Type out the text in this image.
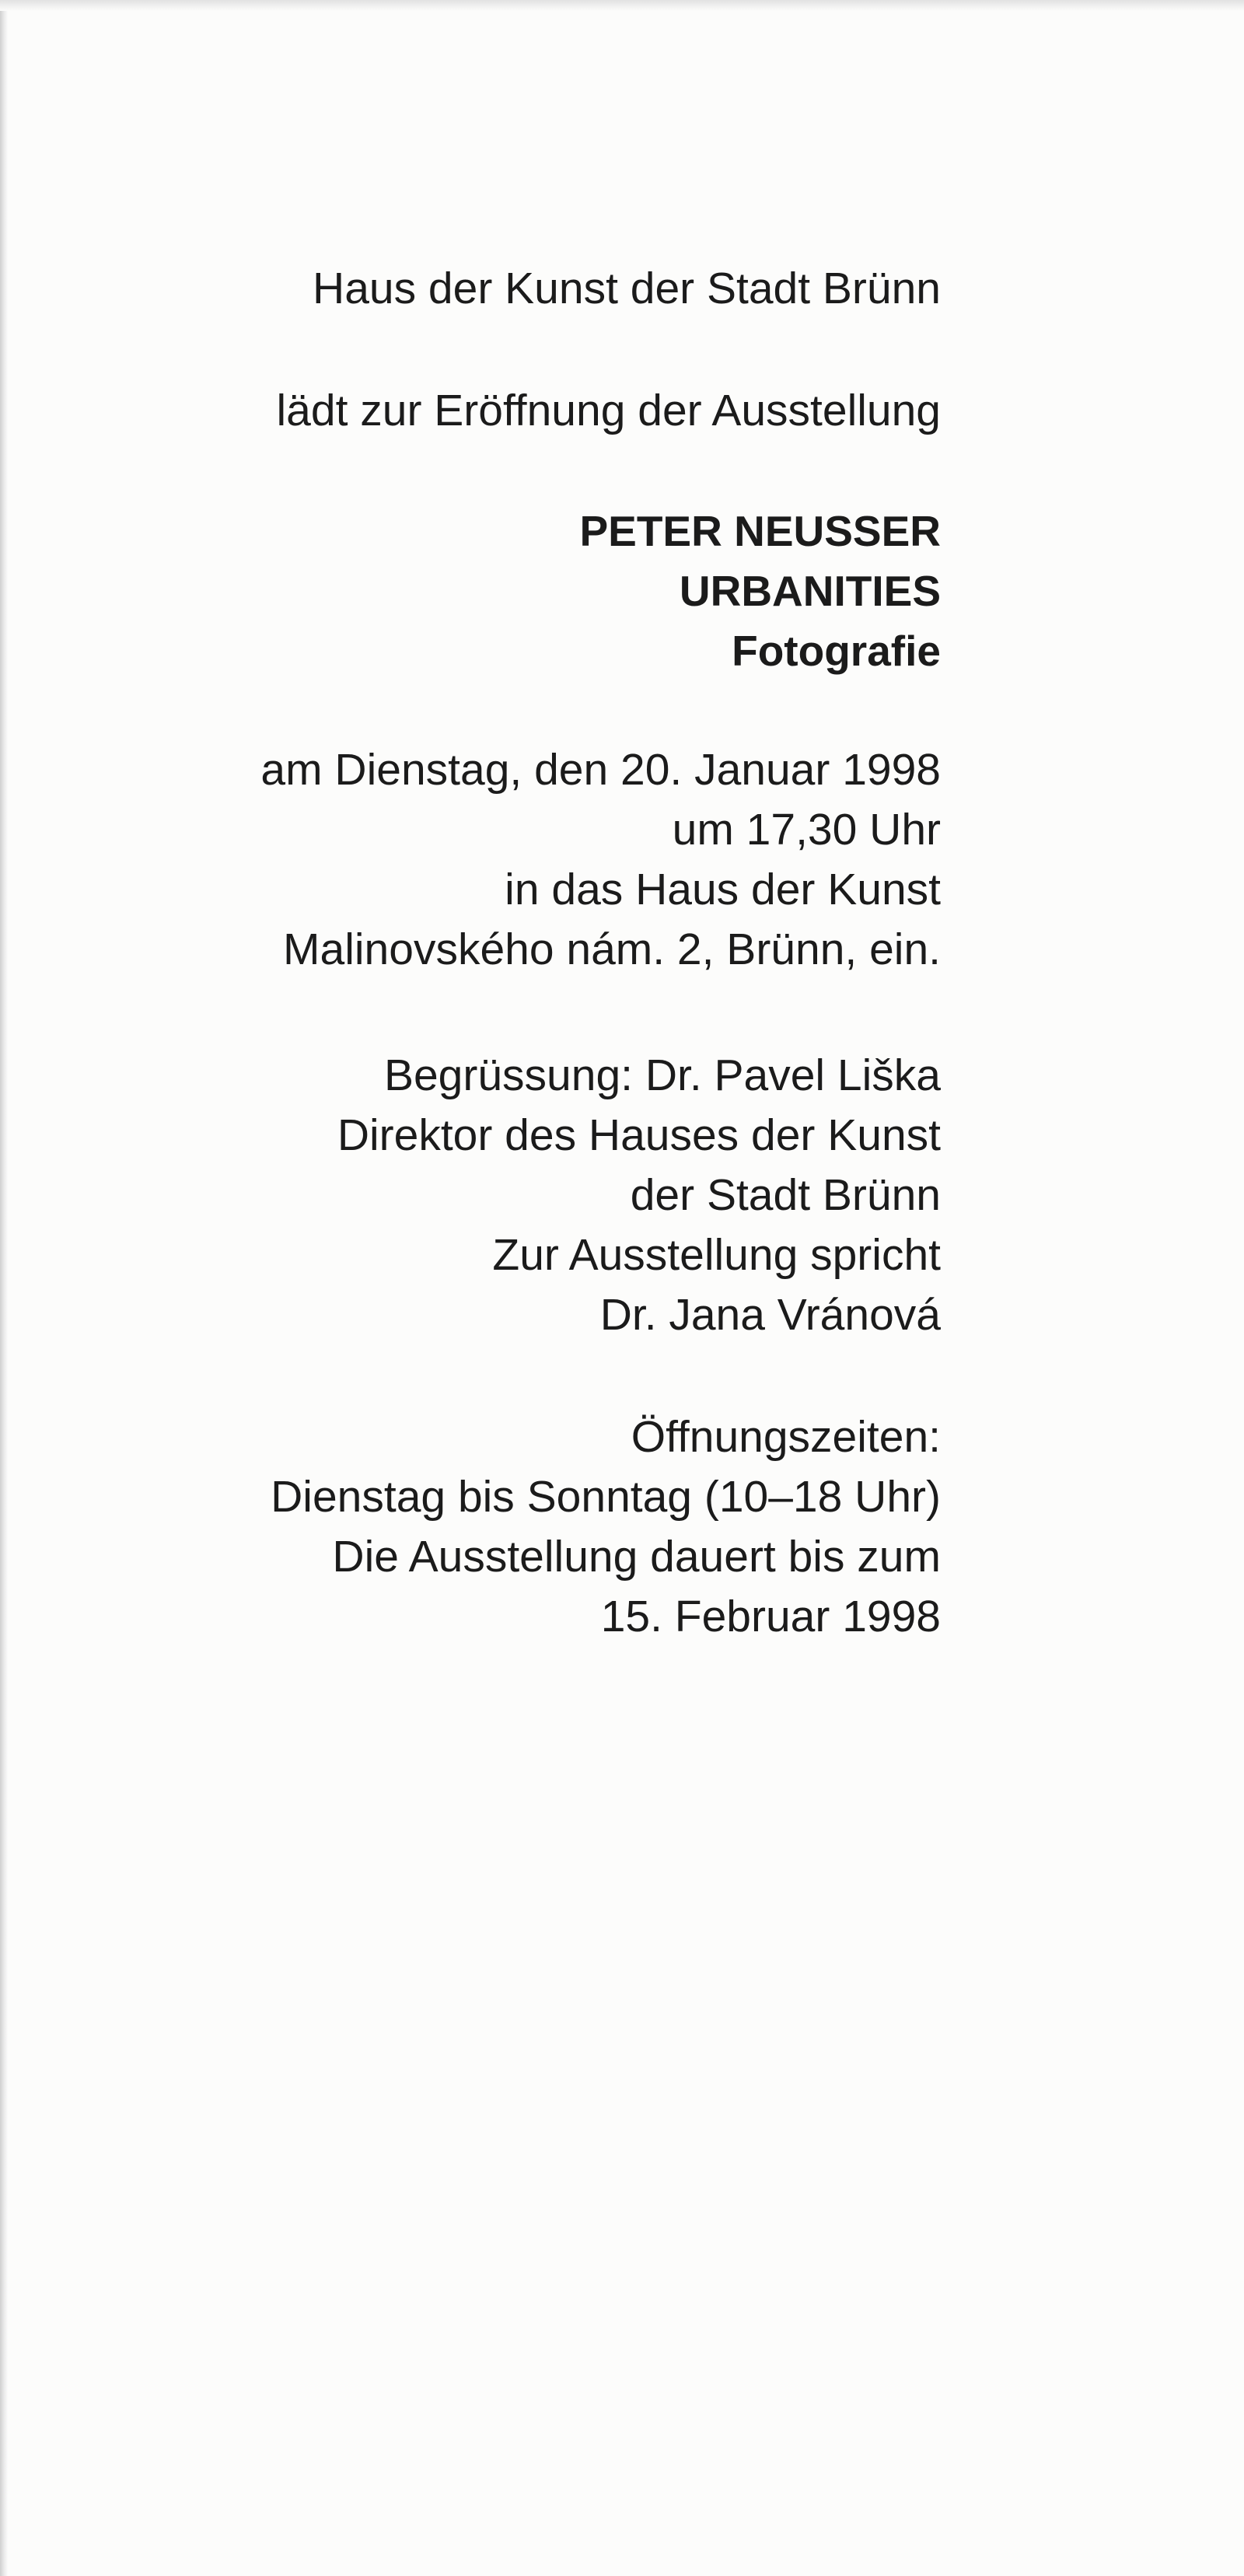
Haus der Kunst der Stadt Brünn
lädt zur Eröffnung der Ausstellung
PETER NEUSSER
URBANITIES
Fotografie
am Dienstag, den 20. Januar 1998
um 17,30 Uhr
in das Haus der Kunst
Malinovského nám. 2, Brünn, ein.
Begrüssung: Dr. Pavel Liška
Direktor des Hauses der Kunst
der Stadt Brünn
Zur Ausstellung spricht
Dr. Jana Vránová
Öffnungszeiten:
Dienstag bis Sonntag (10–18 Uhr)
Die Ausstellung dauert bis zum
15. Februar 1998
